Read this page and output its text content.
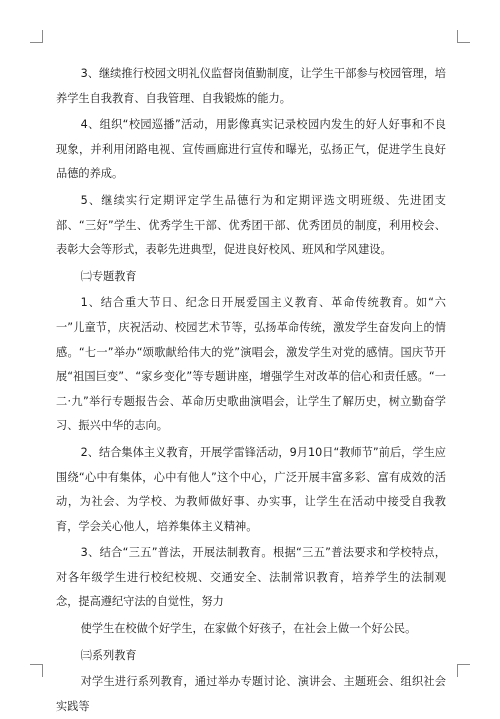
3、继续推行校园文明礼仪监督岗值勤制度，让学生干部参与校园管理，培养学生自我教育、自我管理、自我锻炼的能力。

4、组织“校园巡播”活动，用影像真实记录校园内发生的好人好事和不良现象，并利用闭路电视、宣传画廊进行宣传和曝光，弘扬正气，促进学生良好品德的养成。

5、继续实行定期评定学生品德行为和定期评选文明班级、先进团支部、“三好”学生、优秀学生干部、优秀团干部、优秀团员的制度，利用校会、表彰大会等形式，表彰先进典型，促进良好校风、班风和学风建设。

㈡专题教育

1、结合重大节日、纪念日开展爱国主义教育、革命传统教育。如“六一”儿童节，庆祝活动、校园艺术节等，弘扬革命传统，激发学生奋发向上的情感。“七一”举办“颂歌献给伟大的党”演唱会，激发学生对党的感情。国庆节开展“祖国巨变”、“家乡变化”等专题讲座，增强学生对改革的信心和责任感。“一二·九”举行专题报告会、革命历史歌曲演唱会，让学生了解历史，树立勤奋学习、振兴中华的志向。

2、结合集体主义教育，开展学雷锋活动，9月10日“教师节”前后，学生应围绕“心中有集体，心中有他人”这个中心，广泛开展丰富多彩、富有成效的活动，为社会、为学校、为教师做好事、办实事，让学生在活动中接受自我教育，学会关心他人，培养集体主义精神。

3、结合“三五”普法，开展法制教育。根据“三五”普法要求和学校特点，对各年级学生进行校纪校规、交通安全、法制常识教育，培养学生的法制观念，提高遵纪守法的自觉性，努力

使学生在校做个好学生，在家做个好孩子，在社会上做一个好公民。

㈢系列教育

对学生进行系列教育，通过举办专题讨论、演讲会、主题班会、组织社会实践等
